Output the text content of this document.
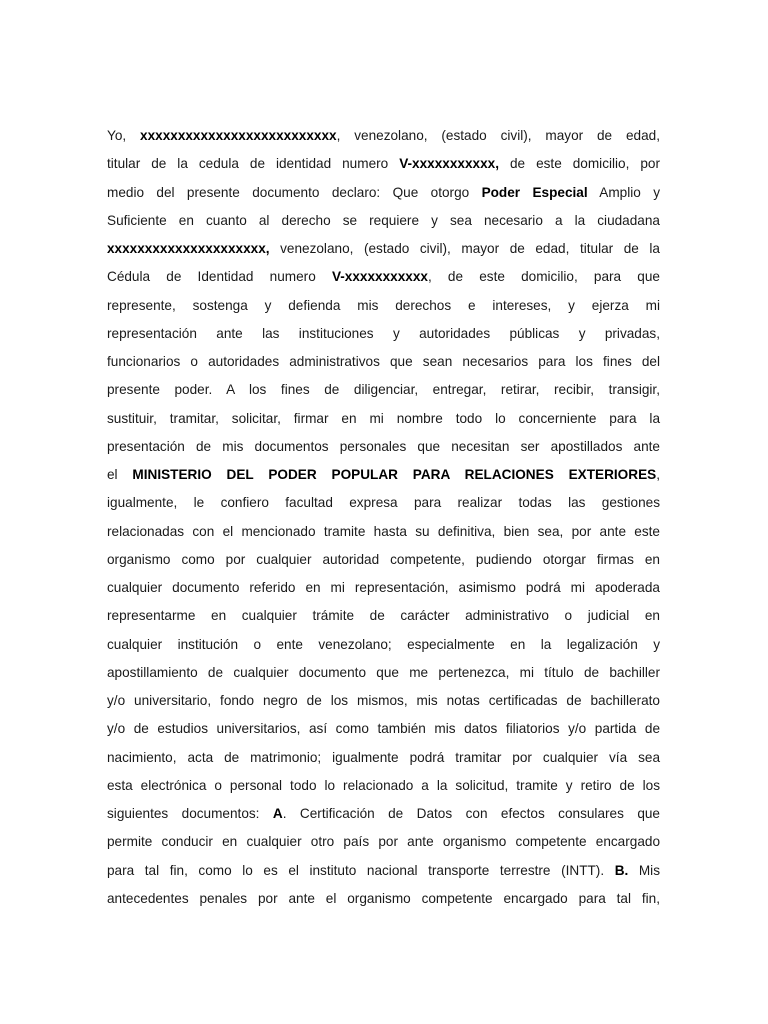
Yo, xxxxxxxxxxxxxxxxxxxxxxxxxx, venezolano, (estado civil), mayor de edad,
titular de la cedula de identidad numero V-xxxxxxxxxxx, de este domicilio, por
medio del presente documento declaro: Que otorgo Poder Especial Amplio y
Suficiente en cuanto al derecho se requiere y sea necesario a la ciudadana
xxxxxxxxxxxxxxxxxxxxx, venezolano, (estado civil), mayor de edad, titular de la
Cédula de Identidad numero V-xxxxxxxxxxx, de este domicilio, para que
represente, sostenga y defienda mis derechos e intereses, y ejerza mi
representación ante las instituciones y autoridades públicas y privadas,
funcionarios o autoridades administrativos que sean necesarios para los fines del
presente poder. A los fines de diligenciar, entregar, retirar, recibir, transigir,
sustituir, tramitar, solicitar, firmar en mi nombre todo lo concerniente para la
presentación de mis documentos personales que necesitan ser apostillados ante
el MINISTERIO DEL PODER POPULAR PARA RELACIONES EXTERIORES,
igualmente, le confiero facultad expresa para realizar todas las gestiones
relacionadas con el mencionado tramite hasta su definitiva, bien sea, por ante este
organismo como por cualquier autoridad competente, pudiendo otorgar firmas en
cualquier documento referido en mi representación, asimismo podrá mi apoderada
representarme en cualquier trámite de carácter administrativo o judicial en
cualquier institución o ente venezolano; especialmente en la legalización y
apostillamiento de cualquier documento que me pertenezca, mi título de bachiller
y/o universitario, fondo negro de los mismos, mis notas certificadas de bachillerato
y/o de estudios universitarios, así como también mis datos filiatorios y/o partida de
nacimiento, acta de matrimonio; igualmente podrá tramitar por cualquier vía sea
esta electrónica o personal todo lo relacionado a la solicitud, tramite y retiro de los
siguientes documentos: A. Certificación de Datos con efectos consulares que
permite conducir en cualquier otro país por ante organismo competente encargado
para tal fin, como lo es el instituto nacional transporte terrestre (INTT). B. Mis
antecedentes penales por ante el organismo competente encargado para tal fin,
